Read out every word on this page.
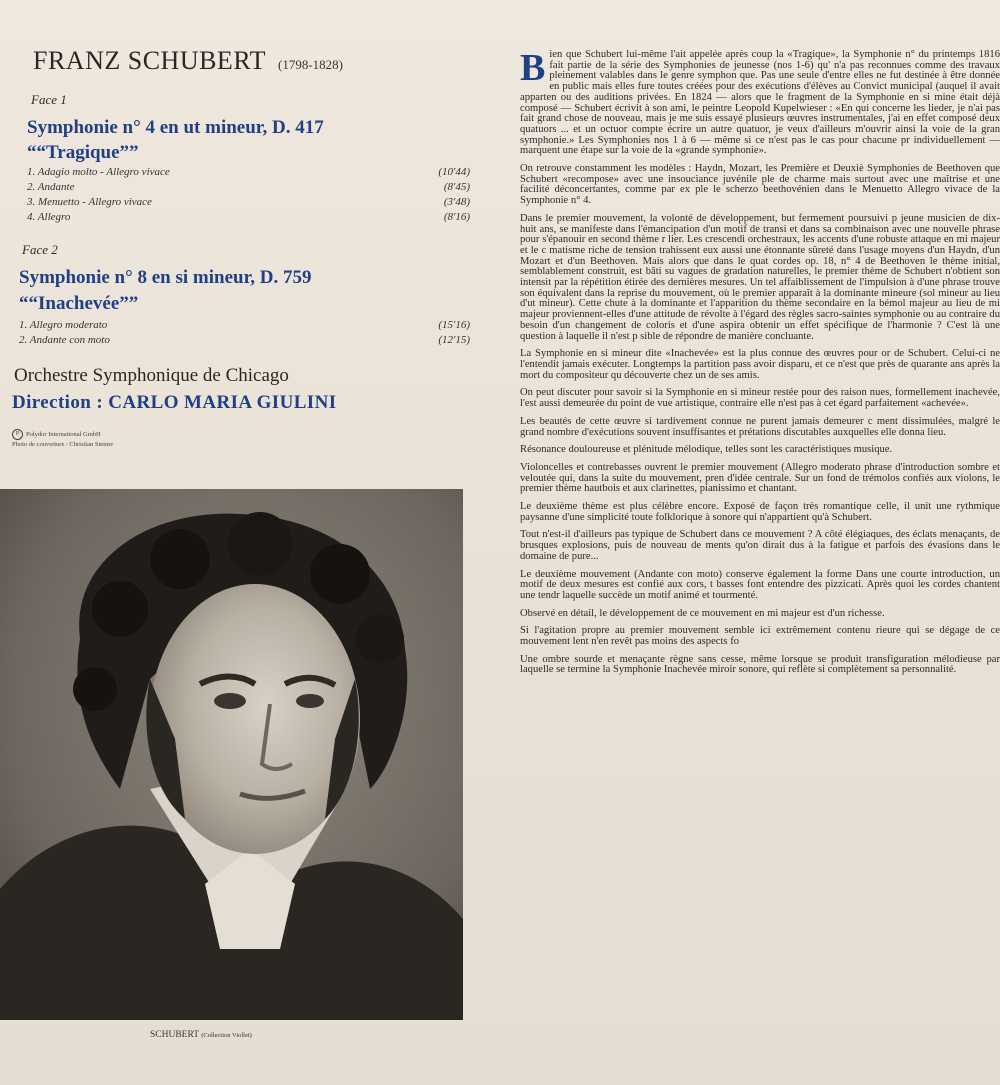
FRANZ SCHUBERT (1798-1828)
Face 1
Symphonie n° 4 en ut mineur, D. 417
““Tragique””
1. Adagio molto - Allegro vivace	(10'44)
2. Andante	(8'45)
3. Menuetto - Allegro vivace	(3'48)
4. Allegro	(8'16)
Face 2
Symphonie n° 8 en si mineur, D. 759
““Inachevée””
1. Allegro moderato	(15'16)
2. Andante con moto	(12'15)
Orchestre Symphonique de Chicago
Direction : CARLO MARIA GIULINI
P Polydor International GmbH
Photo de couverture : Christian Steiner
SCHUBERT (Collection Viollet)

Bien que Schubert lui-même l'ait appelée après coup la «Tragique», la Symphonie n° du printemps 1816 fait partie de la série des Symphonies de jeunesse (nos 1-6) qu' n'a pas reconnues comme des travaux pleinement valables dans le genre symphon que. Pas une seule d'entre elles ne fut destinée à être donnée en public mais elles fure toutes créées pour des exécutions d'élèves au Convict municipal (auquel il avait apparten ou des auditions privées. En 1824 — alors que le fragment de la Symphonie en si mine était déjà composé — Schubert écrivit à son ami, le peintre Leopold Kupelwieser : «En qui concerne les lieder, je n'ai pas fait grand chose de nouveau, mais je me suis essayé plusieurs œuvres instrumentales, j'ai en effet composé deux quatuors ... et un octuor compte écrire un autre quatuor, je veux d'ailleurs m'ouvrir ainsi la voie de la gran symphonie.» Les Symphonies nos 1 à 6 — même si ce n'est pas le cas pour chacune pr individuellement — marquent une étape sur la voie de la «grande symphonie».

On retrouve constamment les modèles : Haydn, Mozart, les Première et Deuxiè Symphonies de Beethoven que Schubert «recompose» avec une insouciance juvénile ple de charme mais surtout avec une maîtrise et une facilité déconcertantes, comme par ex ple le scherzo beethovénien dans le Menuetto Allegro vivace de la Symphonie n° 4.

Dans le premier mouvement, la volonté de développement, but fermement poursuivi p jeune musicien de dix-huit ans, se manifeste dans l'émancipation d'un motif de transi et dans sa combinaison avec une nouvelle phrase pour s'épanouir en second thème r lier. Les crescendi orchestraux, les accents d'une robuste attaque en mi majeur et le c matisme riche de tension trahissent eux aussi une étonnante sûreté dans l'usage moyens d'un Haydn, d'un Mozart et d'un Beethoven. Mais alors que dans le quat cordes op. 18, n° 4 de Beethoven le thème initial, semblablement construit, est bâti su vagues de gradation naturelles, le premier thème de Schubert n'obtient son intensit par la répétition étirée des dernières mesures. Un tel affaiblissement de l'impulsion à d'une phrase trouve son équivalent dans la reprise du mouvement, où le premier apparaît à la dominante mineure (sol mineur au lieu d'ut mineur). Cette chute à la dominante et l'apparition du thème secondaire en la bémol majeur au lieu de mi majeur proviennent-elles d'une attitude de révolte à l'égard des règles sacro-saintes symphonie ou au contraire du besoin d'un changement de coloris et d'une aspira obtenir un effet spécifique de l'harmonie ? C'est là une question à laquelle il n'est p sible de répondre de manière concluante.

La Symphonie en si mineur dite «Inachevée» est la plus connue des œuvres pour or de Schubert. Celui-ci ne l'entendit jamais exécuter. Longtemps la partition pass avoir disparu, et ce n'est que près de quarante ans après la mort du compositeur qu découverte chez un de ses amis.

On peut discuter pour savoir si la Symphonie en si mineur restée pour des raison nues, formellement inachevée, l'est aussi demeurée du point de vue artistique, contraire elle n'est pas à cet égard parfaitement «achevée».

Les beautés de cette œuvre si tardivement connue ne purent jamais demeurer c ment dissimulées, malgré le grand nombre d'exécutions souvent insuffisantes et prétations discutables auxquelles elle donna lieu.

Résonance douloureuse et plénitude mélodique, telles sont les caractéristiques musique.

Violoncelles et contrebasses ouvrent le premier mouvement (Allegro moderato phrase d'introduction sombre et veloutée qui, dans la suite du mouvement, pren d'idée centrale. Sur un fond de trémolos confiés aux violons, le premier thème hautbois et aux clarinettes, pianissimo et chantant.

Le deuxième thème est plus célèbre encore. Exposé de façon très romantique celle, il unit une rythmique paysanne d'une simplicité toute folklorique à sonore qui n'appartient qu'à Schubert.

Tout n'est-il d'ailleurs pas typique de Schubert dans ce mouvement ? A côté élégiaques, des éclats menaçants, de brusques explosions, puis de nouveau de ments qu'on dirait dus à la fatigue et parfois des évasions dans le domaine de pure...

Le deuxième mouvement (Andante con moto) conserve également la forme Dans une courte introduction, un motif de deux mesures est confié aux cors, t basses font entendre des pizzicati. Après quoi les cordes chantent une tendr laquelle succède un motif animé et tourmenté.

Observé en détail, le développement de ce mouvement en mi majeur est d'un richesse.

Si l'agitation propre au premier mouvement semble ici extrêmement contenu rieure qui se dégage de ce mouvement lent n'en revêt pas moins des aspects fo

Une ombre sourde et menaçante règne sans cesse, même lorsque se produit transfiguration mélodieuse par laquelle se termine la Symphonie Inachevée miroir sonore, qui reflète si complètement sa personnalité.
